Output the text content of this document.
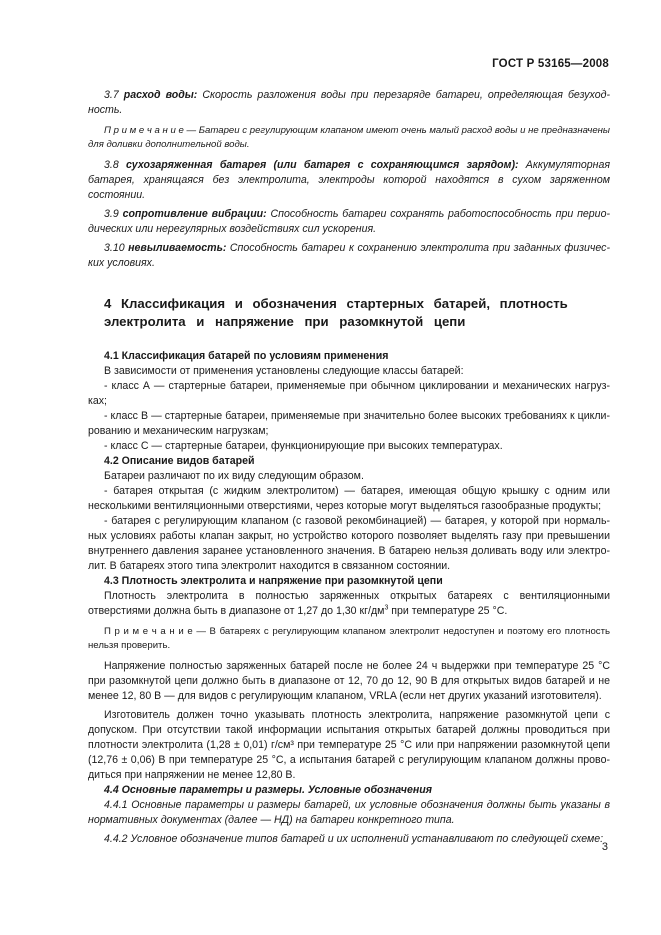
ГОСТ Р 53165—2008

3.7 расход воды: Скорость разложения воды при перезаряде батареи, определяющая безуходность.

П р и м е ч а н и е — Батареи с регулирующим клапаном имеют очень малый расход воды и не предназначены для доливки дополнительной воды.

3.8 сухозаряженная батарея (или батарея с сохраняющимся зарядом): Аккумуляторная батарея, хранящаяся без электролита, электроды которой находятся в сухом заряженном состоянии.

3.9 сопротивление вибрации: Способность батареи сохранять работоспособность при периодических или нерегулярных воздействиях сил ускорения.

3.10 невыливаемость: Способность батареи к сохранению электролита при заданных физических условиях.

4 Классификация и обозначения стартерных батарей, плотность
электролита и напряжение при разомкнутой цепи

4.1 Классификация батарей по условиям применения

В зависимости от применения установлены следующие классы батарей:

- класс А — стартерные батареи, применяемые при обычном циклировании и механических нагрузках;

- класс В — стартерные батареи, применяемые при значительно более высоких требованиях к циклированию и механическим нагрузкам;

- класс С — стартерные батареи, функционирующие при высоких температурах.

4.2 Описание видов батарей

Батареи различают по их виду следующим образом.

- батарея открытая (с жидким электролитом) — батарея, имеющая общую крышку с одним или несколькими вентиляционными отверстиями, через которые могут выделяться газообразные продукты;

- батарея с регулирующим клапаном (с газовой рекомбинацией) — батарея, у которой при нормальных условиях работы клапан закрыт, но устройство которого позволяет выделять газу при превышении внутреннего давления заранее установленного значения. В батарею нельзя доливать воду или электролит. В батареях этого типа электролит находится в связанном состоянии.

4.3 Плотность электролита и напряжение при разомкнутой цепи

Плотность электролита в полностью заряженных открытых батареях с вентиляционными отверстиями должна быть в диапазоне от 1,27 до 1,30 $кг/дм^3$ при температуре 25 °С.

П р и м е ч а н и е — В батареях с регулирующим клапаном электролит недоступен и поэтому его плотность нельзя проверить.

Напряжение полностью заряженных батарей после не более 24 ч выдержки при температуре 25 °С при разомкнутой цепи должно быть в диапазоне от 12, 70 до 12, 90 В для открытых видов батарей и не менее 12, 80 В — для видов с регулирующим клапаном, VRLA (если нет других указаний изготовителя).

Изготовитель должен точно указывать плотность электролита, напряжение разомкнутой цепи с допуском. При отсутствии такой информации испытания открытых батарей должны проводиться при плотности электролита (1,28 ± 0,01) г/см³ при температуре 25 °С или при напряжении разомкнутой цепи (12,76 ± 0,06) В при температуре 25 °С, а испытания батарей с регулирующим клапаном должны проводиться при напряжении не менее 12,80 В.

4.4 Основные параметры и размеры. Условные обозначения

4.4.1 Основные параметры и размеры батарей, их условные обозначения должны быть указаны в нормативных документах (далее — НД) на батареи конкретного типа.

4.4.2 Условное обозначение типов батарей и их исполнений устанавливают по следующей схеме:

3
